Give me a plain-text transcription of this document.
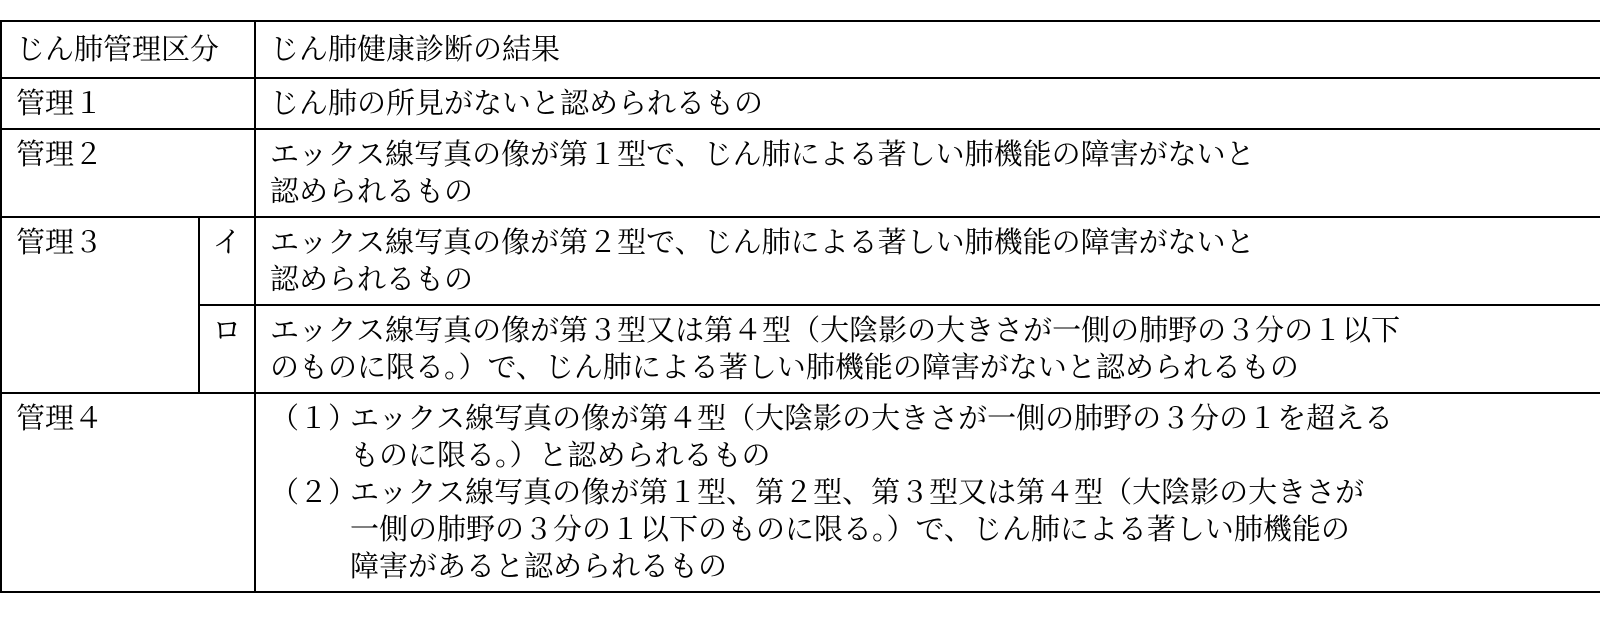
じん肺管理区分		じん肺健康診断の結果
管理１		じん肺の所見がないと認められるもの

管理２		エックス線写真の像が第１型で、じん肺による著しい肺機能の障害がないと
認められるもの

管理３	イ	エックス線写真の像が第２型で、じん肺による著しい肺機能の障害がないと
認められるもの

	ロ	エックス線写真の像が第３型又は第４型（大陰影の大きさが一側の肺野の３分の１以下
のものに限る。）で、じん肺による著しい肺機能の障害がないと認められるもの

管理４		（１）エックス線写真の像が第４型（大陰影の大きさが一側の肺野の３分の１を超える
ものに限る。）と認められるもの
（２）エックス線写真の像が第１型、第２型、第３型又は第４型（大陰影の大きさが
一側の肺野の３分の１以下のものに限る。）で、じん肺による著しい肺機能の
障害があると認められるもの
